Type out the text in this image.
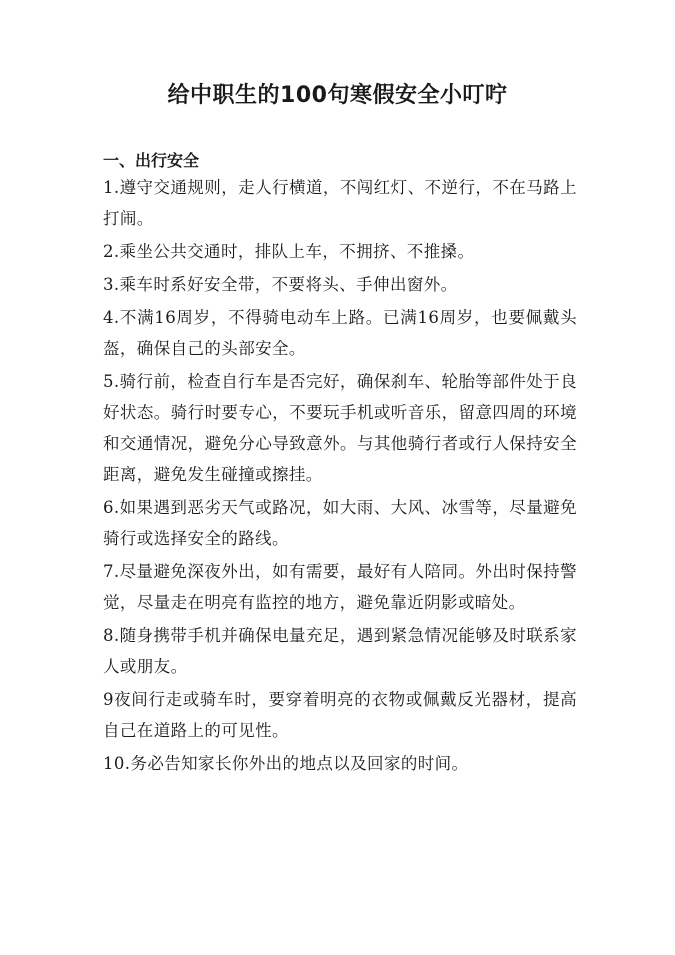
给中职生的100句寒假安全小叮咛
一、出行安全
1.遵守交通规则，走人行横道，不闯红灯、不逆行，不在马路上打闹。
2.乘坐公共交通时，排队上车，不拥挤、不推搡。
3.乘车时系好安全带，不要将头、手伸出窗外。
4.不满16周岁，不得骑电动车上路。已满16周岁，也要佩戴头盔，确保自己的头部安全。
5.骑行前，检查自行车是否完好，确保刹车、轮胎等部件处于良好状态。骑行时要专心，不要玩手机或听音乐，留意四周的环境和交通情况，避免分心导致意外。与其他骑行者或行人保持安全距离，避免发生碰撞或擦挂。
6.如果遇到恶劣天气或路况，如大雨、大风、冰雪等，尽量避免骑行或选择安全的路线。
7.尽量避免深夜外出，如有需要，最好有人陪同。外出时保持警觉，尽量走在明亮有监控的地方，避免靠近阴影或暗处。
8.随身携带手机并确保电量充足，遇到紧急情况能够及时联系家人或朋友。
9夜间行走或骑车时，要穿着明亮的衣物或佩戴反光器材，提高自己在道路上的可见性。
10.务必告知家长你外出的地点以及回家的时间。
